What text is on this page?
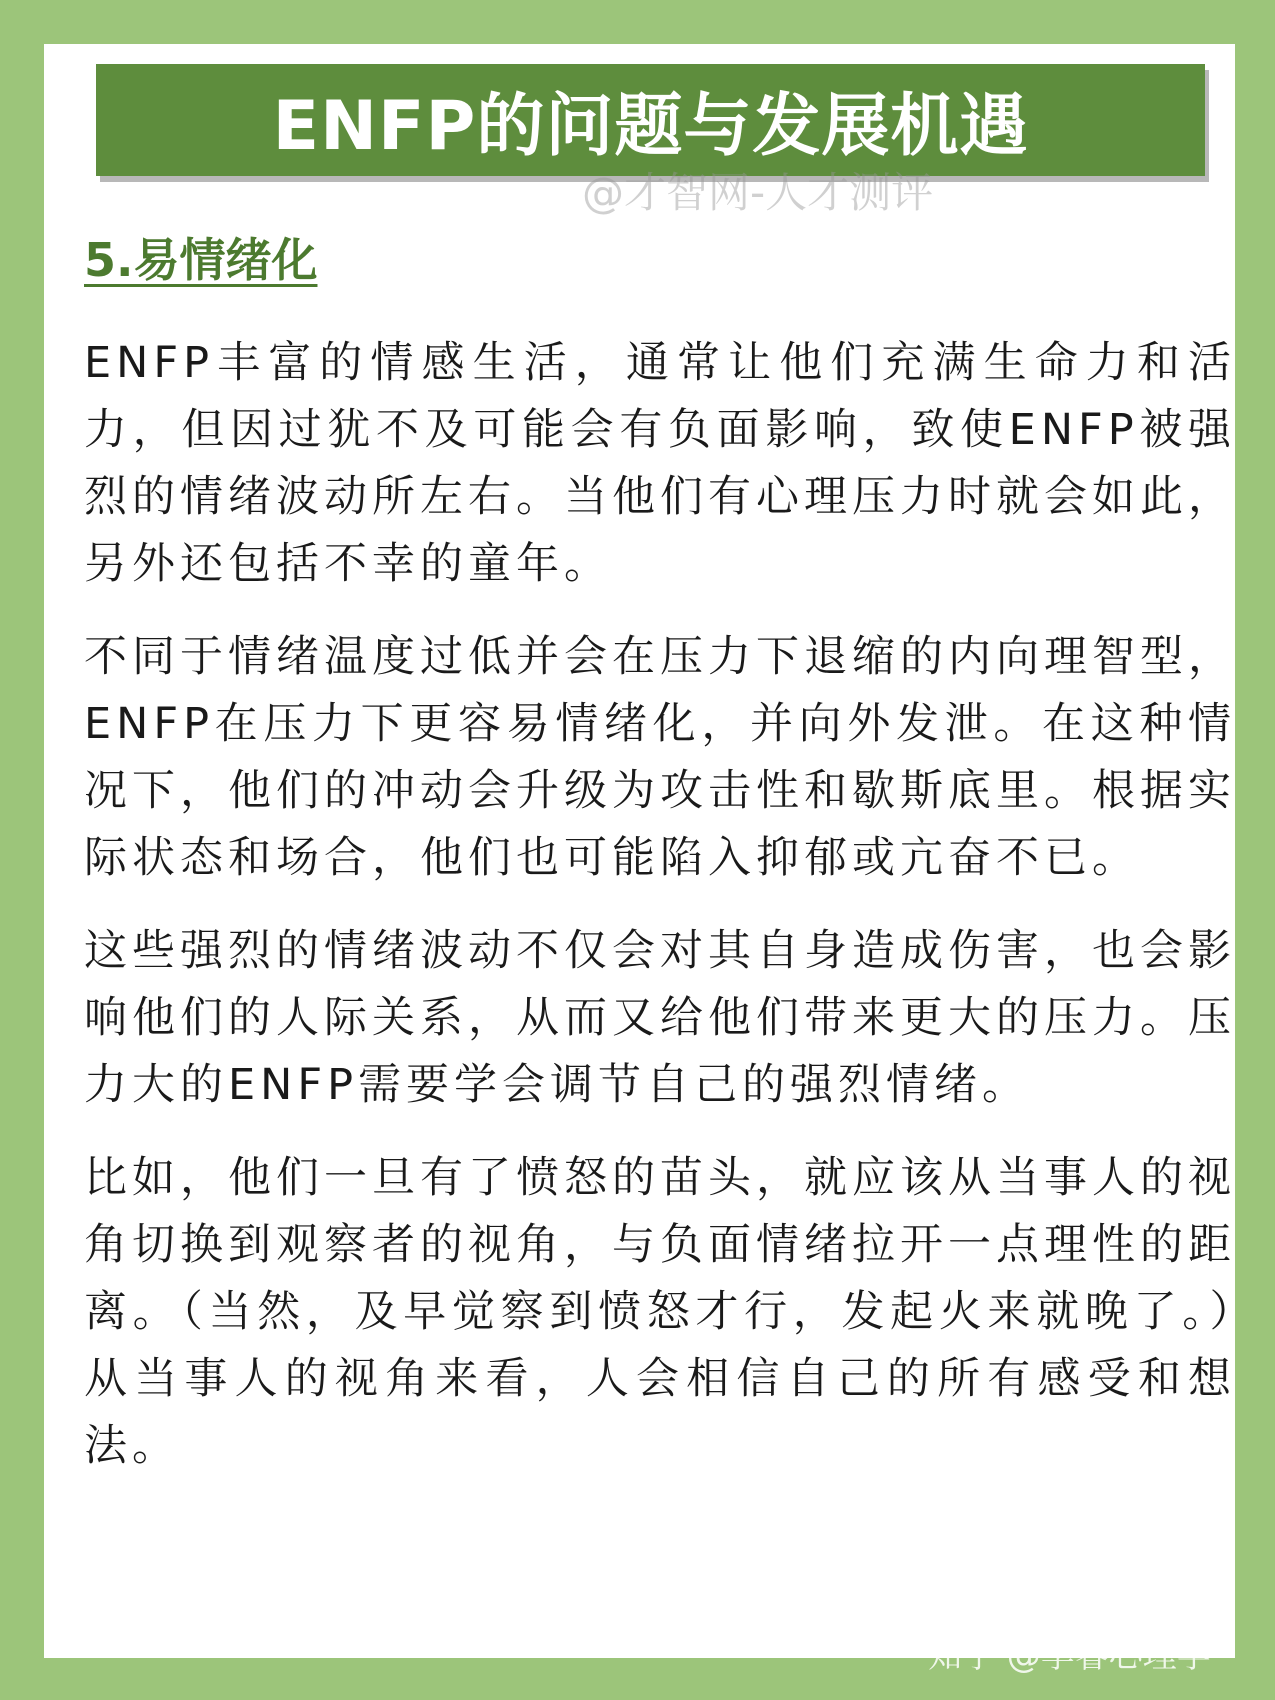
ENFP的问题与发展机遇
@才智网-人才测评
5.易情绪化

ENFP丰富的情感生活，通常让他们充满生命力和活力，但因过犹不及可能会有负面影响，致使ENFP被强烈的情绪波动所左右。当他们有心理压力时就会如此，另外还包括不幸的童年。

不同于情绪温度过低并会在压力下退缩的内向理智型，ENFP在压力下更容易情绪化，并向外发泄。在这种情况下，他们的冲动会升级为攻击性和歇斯底里。根据实际状态和场合，他们也可能陷入抑郁或亢奋不已。

这些强烈的情绪波动不仅会对其自身造成伤害，也会影响他们的人际关系，从而又给他们带来更大的压力。压力大的ENFP需要学会调节自己的强烈情绪。

比如，他们一旦有了愤怒的苗头，就应该从当事人的视角切换到观察者的视角，与负面情绪拉开一点理性的距离。（当然，及早觉察到愤怒才行，发起火来就晚了。）从当事人的视角来看，人会相信自己的所有感受和想法。

知乎 @李睿心理学
